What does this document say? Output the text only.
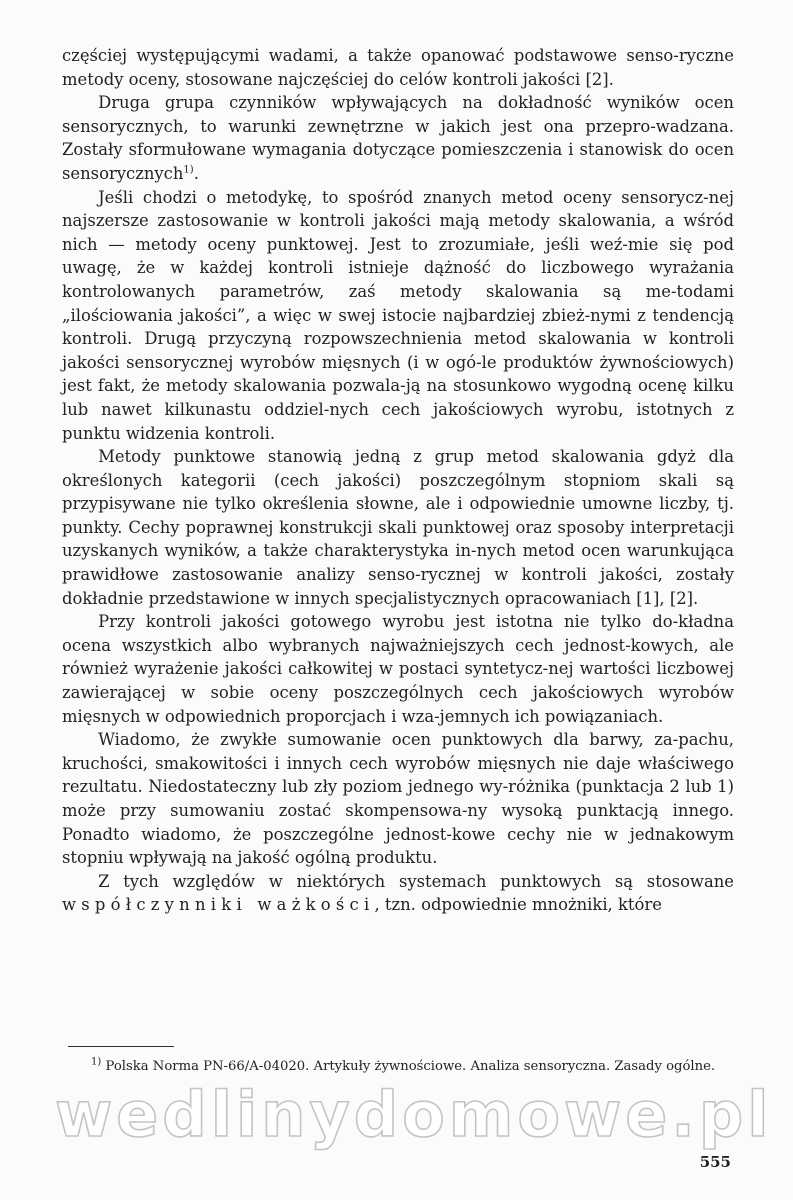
częściej występującymi wadami, a także opanować podstawowe senso-ryczne metody oceny, stosowane najczęściej do celów kontroli jakości [2].

Druga grupa czynników wpływających na dokładność wyników ocen sensorycznych, to warunki zewnętrzne w jakich jest ona przepro-wadzana. Zostały sformułowane wymagania dotyczące pomieszczenia i stanowisk do ocen sensorycznych$^{1)}$.

Jeśli chodzi o metodykę, to spośród znanych metod oceny sensorycz-nej najszersze zastosowanie w kontroli jakości mają metody skalowania, a wśród nich — metody oceny punktowej. Jest to zrozumiałe, jeśli weź-mie się pod uwagę, że w każdej kontroli istnieje dążność do liczbowego wyrażania kontrolowanych parametrów, zaś metody skalowania są me-todami „ilościowania jakości”, a więc w swej istocie najbardziej zbież-nymi z tendencją kontroli. Drugą przyczyną rozpowszechnienia metod skalowania w kontroli jakości sensorycznej wyrobów mięsnych (i w ogó-le produktów żywnościowych) jest fakt, że metody skalowania pozwala-ją na stosunkowo wygodną ocenę kilku lub nawet kilkunastu oddziel-nych cech jakościowych wyrobu, istotnych z punktu widzenia kontroli.

Metody punktowe stanowią jedną z grup metod skalowania gdyż dla określonych kategorii (cech jakości) poszczególnym stopniom skali są przypisywane nie tylko określenia słowne, ale i odpowiednie umowne liczby, tj. punkty. Cechy poprawnej konstrukcji skali punktowej oraz sposoby interpretacji uzyskanych wyników, a także charakterystyka in-nych metod ocen warunkująca prawidłowe zastosowanie analizy senso-rycznej w kontroli jakości, zostały dokładnie przedstawione w innych specjalistycznych opracowaniach [1], [2].

Przy kontroli jakości gotowego wyrobu jest istotna nie tylko do-kładna ocena wszystkich albo wybranych najważniejszych cech jednost-kowych, ale również wyrażenie jakości całkowitej w postaci syntetycz-nej wartości liczbowej zawierającej w sobie oceny poszczególnych cech jakościowych wyrobów mięsnych w odpowiednich proporcjach i wza-jemnych ich powiązaniach.

Wiadomo, że zwykłe sumowanie ocen punktowych dla barwy, za-pachu, kruchości, smakowitości i innych cech wyrobów mięsnych nie daje właściwego rezultatu. Niedostateczny lub zły poziom jednego wy-różnika (punktacja 2 lub 1) może przy sumowaniu zostać skompensowa-ny wysoką punktacją innego. Ponadto wiadomo, że poszczególne jednost-kowe cechy nie w jednakowym stopniu wpływają na jakość ogólną produktu.

Z tych względów w niektórych systemach punktowych są stosowane współczynniki ważkości, tzn. odpowiednie mnożniki, które

$^{1)}$ Polska Norma PN-66/A-04020. Artykuły żywnościowe. Analiza sensoryczna. Zasady ogólne.
wedlinydomowe.pl
555
